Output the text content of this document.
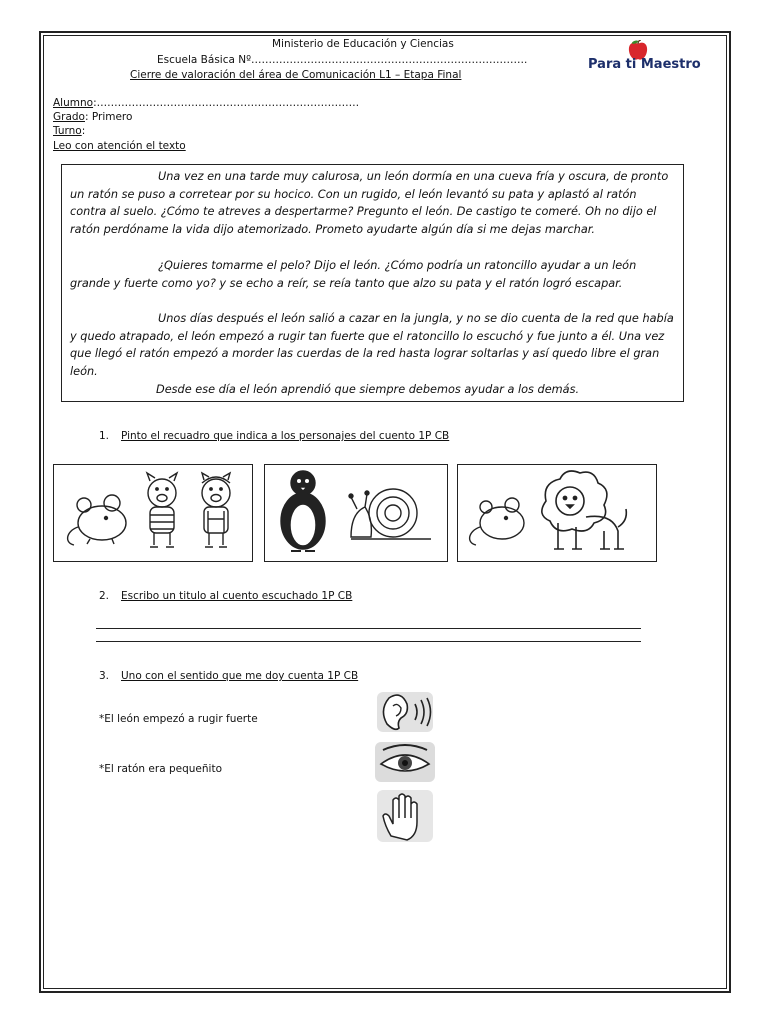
Ministerio de Educación y Ciencias
Escuela Básica Nº…………………………………………………………………….
Cierre de valoración del área de Comunicación L1 – Etapa Final
Para ti Maestro
Alumno:…………………………………………………………………
Grado: Primero
Turno:
Leo con atención el texto

Una vez en una tarde muy calurosa, un león dormía en una cueva fría y oscura, de pronto un ratón se puso a corretear por su hocico. Con un rugido, el león levantó su pata y aplastó al ratón contra al suelo. ¿Cómo te atreves a despertarme? Pregunto el león. De castigo te comeré. Oh no dijo el ratón perdóname la vida dijo atemorizado. Prometo ayudarte algún día si me dejas marchar.

¿Quieres tomarme el pelo? Dijo el león. ¿Cómo podría un ratoncillo ayudar a un león grande y fuerte como yo? y se echo a reír, se reía tanto que alzo su pata y el ratón logró escapar.

Unos días después el león salió a cazar en la jungla, y no se dio cuenta de la red que había y quedo atrapado, el león empezó a rugir tan fuerte que el ratoncillo lo escuchó y fue junto a él. Una vez que llegó el ratón empezó a morder las cuerdas de la red hasta lograr soltarlas y así quedo libre el gran león.

Desde ese día el león aprendió que siempre debemos ayudar a los demás.

1. Pinto el recuadro que indica a los personajes del cuento 1P CB
2. Escribo un titulo al cuento escuchado 1P CB
3. Uno con el sentido que me doy cuenta 1P CB
*El león empezó a rugir fuerte
*El ratón era pequeñito
